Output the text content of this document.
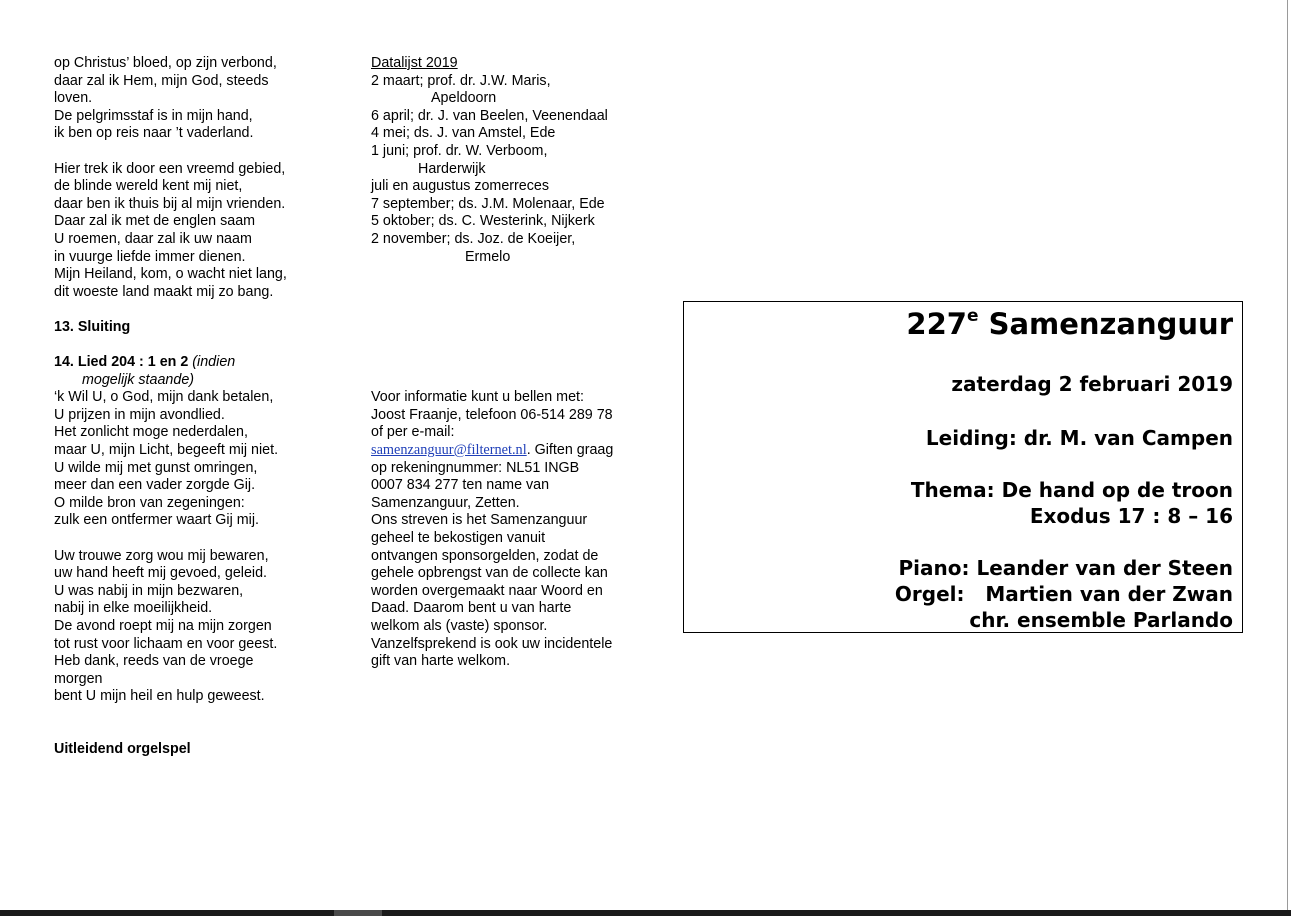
op Christus’ bloed, op zijn verbond,
daar zal ik Hem, mijn God, steeds
loven.
De pelgrimsstaf is in mijn hand,
ik ben op reis naar ’t vaderland.
Hier trek ik door een vreemd gebied,
de blinde wereld kent mij niet,
daar ben ik thuis bij al mijn vrienden.
Daar zal ik met de englen saam
U roemen, daar zal ik uw naam
in vuurge liefde immer dienen.
Mijn Heiland, kom, o wacht niet lang,
dit woeste land maakt mij zo bang.
13. Sluiting
14. Lied 204 : 1 en 2 (indien
mogelijk staande)
‘k Wil U, o God, mijn dank betalen,
U prijzen in mijn avondlied.
Het zonlicht moge nederdalen,
maar U, mijn Licht, begeeft mij niet.
U wilde mij met gunst omringen,
meer dan een vader zorgde Gij.
O milde bron van zegeningen:
zulk een ontfermer waart Gij mij.
Uw trouwe zorg wou mij bewaren,
uw hand heeft mij gevoed, geleid.
U was nabij in mijn bezwaren,
nabij in elke moeilijkheid.
De avond roept mij na mijn zorgen
tot rust voor lichaam en voor geest.
Heb dank, reeds van de vroege
morgen
bent U mijn heil en hulp geweest.
Uitleidend orgelspel
Datalijst 2019
2 maart; prof. dr. J.W. Maris,
Apeldoorn
6 april; dr. J. van Beelen, Veenendaal
4 mei; ds. J. van Amstel, Ede
1 juni; prof. dr. W. Verboom,
Harderwijk
juli en augustus zomerreces
7 september; ds. J.M. Molenaar, Ede
5 oktober; ds. C. Westerink, Nijkerk
2 november; ds. Joz. de Koeijer,
Ermelo
Voor informatie kunt u bellen met:
Joost Fraanje, telefoon 06-514 289 78
of per e-mail:
samenzanguur@filternet.nl. Giften graag
op rekeningnummer: NL51 INGB
0007 834 277 ten name van
Samenzanguur, Zetten.
Ons streven is het Samenzanguur
geheel te bekostigen vanuit
ontvangen sponsorgelden, zodat de
gehele opbrengst van de collecte kan
worden overgemaakt naar Woord en
Daad. Daarom bent u van harte
welkom als (vaste) sponsor.
Vanzelfsprekend is ook uw incidentele
gift van harte welkom.
227e Samenzanguur
zaterdag 2 februari 2019
Leiding: dr. M. van Campen
Thema: De hand op de troon
Exodus 17 : 8 – 16
Piano: Leander van der Steen
Orgel:   Martien van der Zwan
chr. ensemble Parlando
